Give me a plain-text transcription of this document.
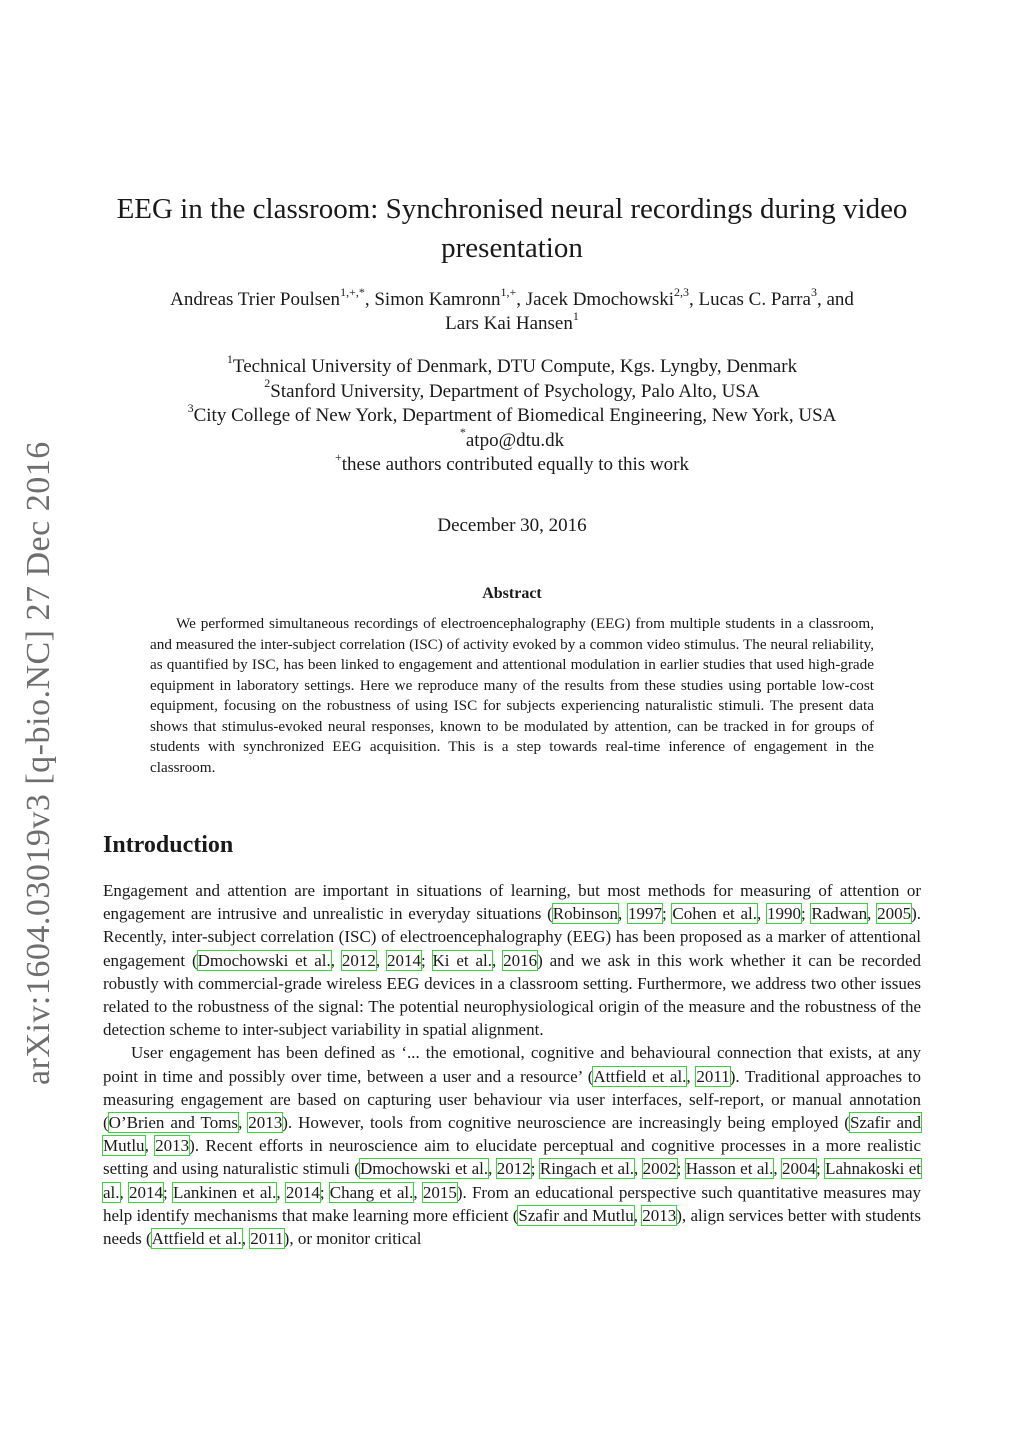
arXiv:1604.03019v3 [q-bio.NC] 27 Dec 2016
EEG in the classroom: Synchronised neural recordings during video presentation
Andreas Trier Poulsen$^{1,+,*}$, Simon Kamronn$^{1,+}$, Jacek Dmochowski$^{2,3}$, Lucas C. Parra$^3$, and
Lars Kai Hansen$^1$
$^1$Technical University of Denmark, DTU Compute, Kgs. Lyngby, Denmark
$^2$Stanford University, Department of Psychology, Palo Alto, USA
$^3$City College of New York, Department of Biomedical Engineering, New York, USA
*atpo@dtu.dk
+these authors contributed equally to this work
December 30, 2016
Abstract

We performed simultaneous recordings of electroencephalography (EEG) from multiple students in a classroom, and measured the inter-subject correlation (ISC) of activity evoked by a common video stimulus. The neural reliability, as quantified by ISC, has been linked to engagement and attentional modulation in earlier studies that used high-grade equipment in laboratory settings. Here we reproduce many of the results from these studies using portable low-cost equipment, focusing on the robustness of using ISC for subjects experiencing naturalistic stimuli. The present data shows that stimulus-evoked neural responses, known to be modulated by attention, can be tracked in for groups of students with synchronized EEG acquisition. This is a step towards real-time inference of engagement in the classroom.

Introduction

Engagement and attention are important in situations of learning, but most methods for measuring of attention or engagement are intrusive and unrealistic in everyday situations (Robinson, 1997; Cohen et al., 1990; Radwan, 2005). Recently, inter-subject correlation (ISC) of electroencephalography (EEG) has been proposed as a marker of attentional engagement (Dmochowski et al., 2012, 2014; Ki et al., 2016) and we ask in this work whether it can be recorded robustly with commercial-grade wireless EEG devices in a classroom setting. Furthermore, we address two other issues related to the robustness of the signal: The potential neurophysiological origin of the measure and the robustness of the detection scheme to inter-subject variability in spatial alignment.

User engagement has been defined as ‘... the emotional, cognitive and behavioural connection that exists, at any point in time and possibly over time, between a user and a resource’ (Attfield et al., 2011). Traditional approaches to measuring engagement are based on capturing user behaviour via user interfaces, self-report, or manual annotation (O’Brien and Toms, 2013). However, tools from cognitive neuroscience are increasingly being employed (Szafir and Mutlu, 2013). Recent efforts in neuroscience aim to elucidate perceptual and cognitive processes in a more realistic setting and using naturalistic stimuli (Dmochowski et al., 2012; Ringach et al., 2002; Hasson et al., 2004; Lahnakoski et al., 2014; Lankinen et al., 2014; Chang et al., 2015). From an educational perspective such quantitative measures may help identify mechanisms that make learning more efficient (Szafir and Mutlu, 2013), align services better with students needs (Attfield et al., 2011), or monitor critical
